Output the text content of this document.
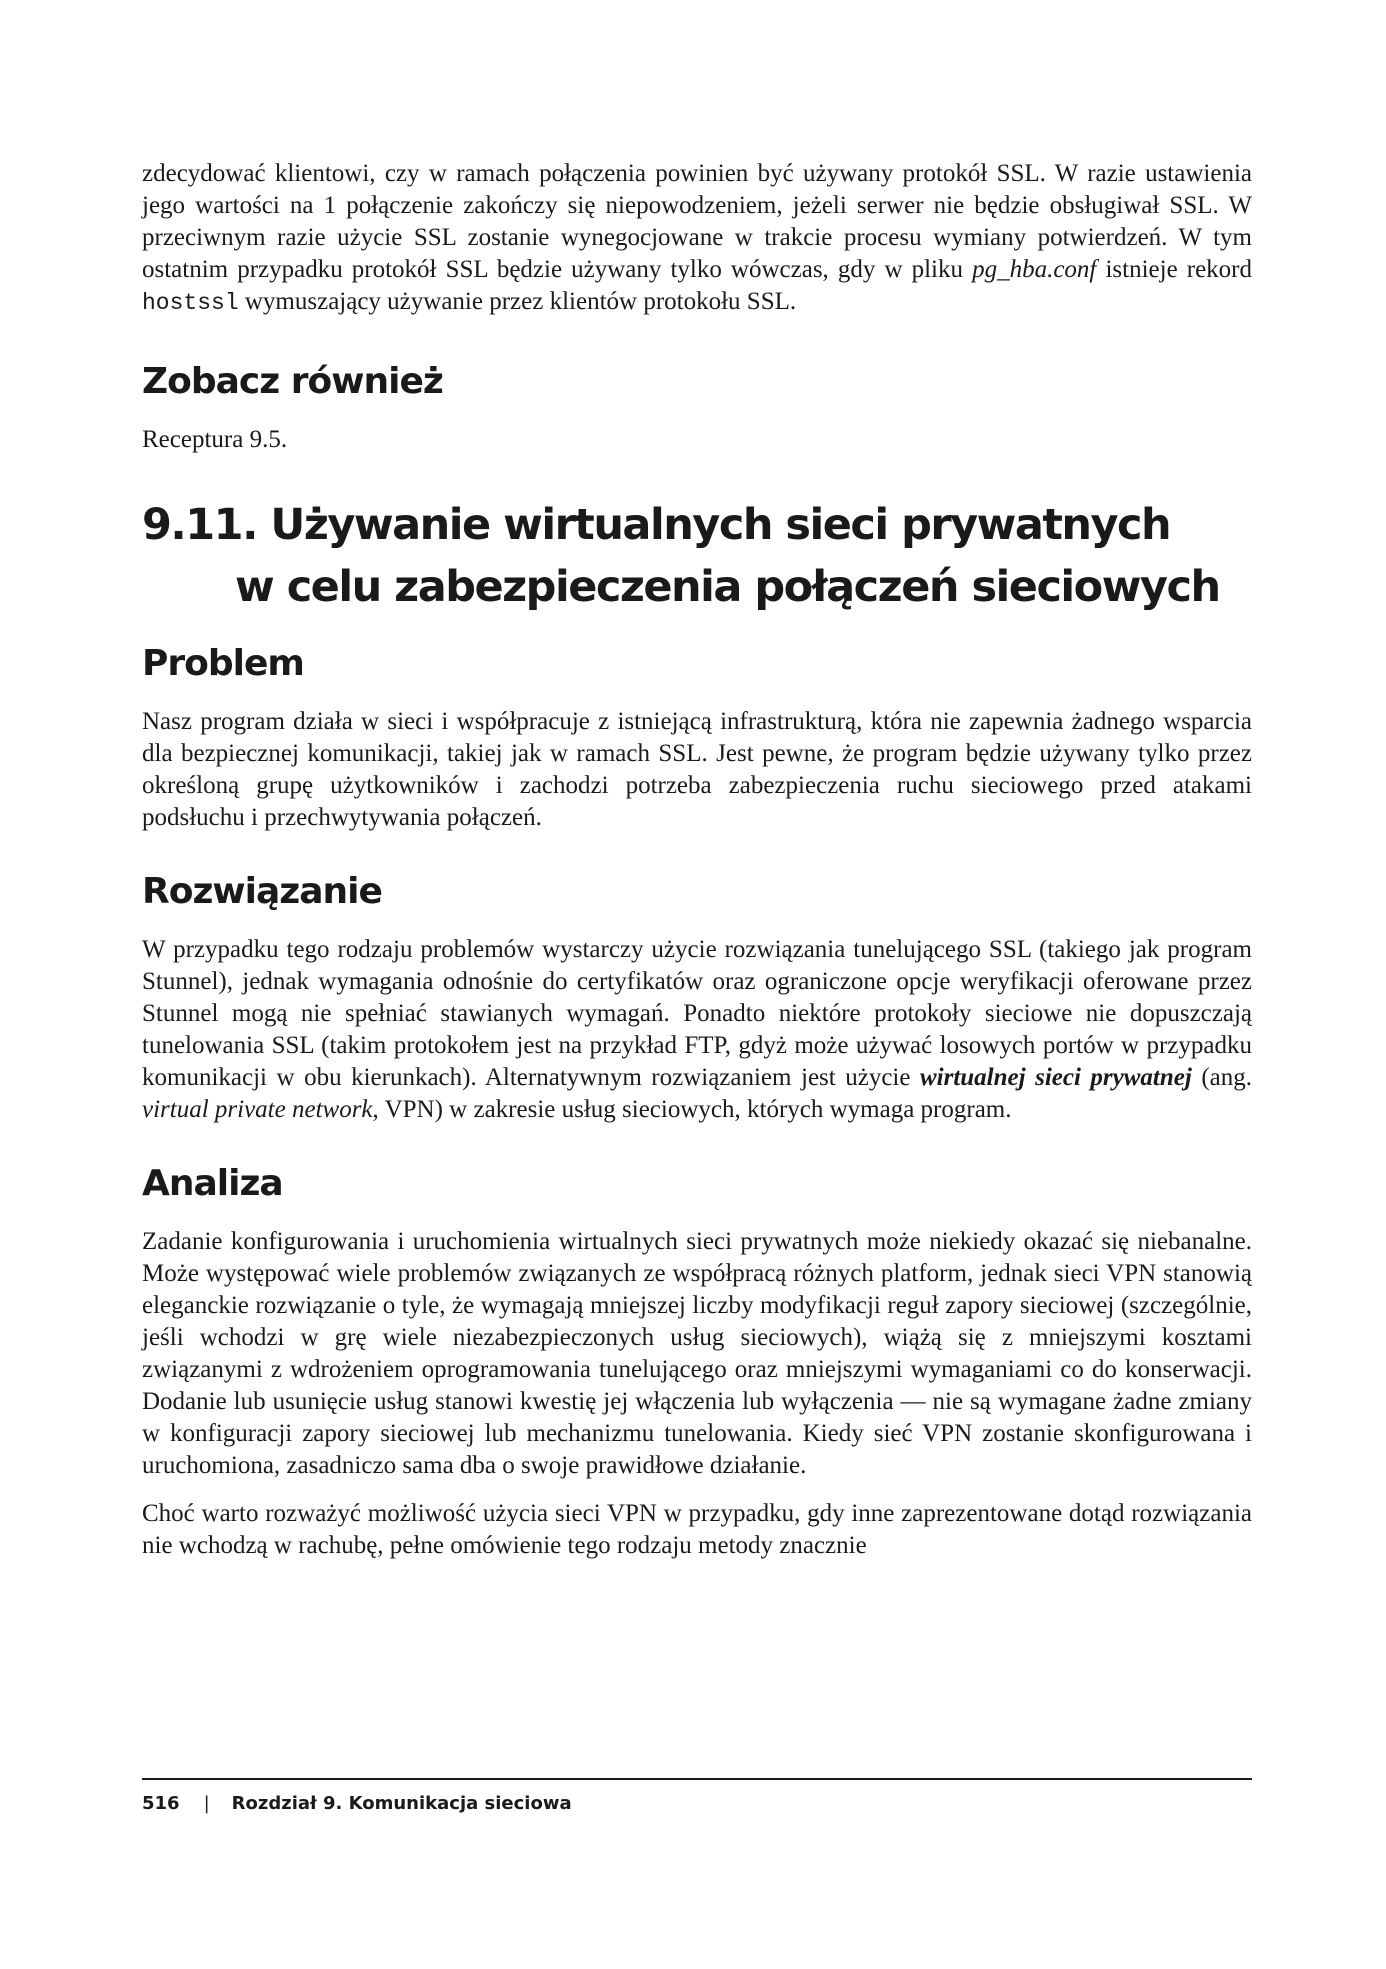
zdecydować klientowi, czy w ramach połączenia powinien być używany protokół SSL. W razie ustawienia jego wartości na 1 połączenie zakończy się niepowodzeniem, jeżeli serwer nie będzie obsługiwał SSL. W przeciwnym razie użycie SSL zostanie wynegocjowane w trakcie procesu wymiany potwierdzeń. W tym ostatnim przypadku protokół SSL będzie używany tylko wówczas, gdy w pliku pg_hba.conf istnieje rekord hostssl wymuszający używanie przez klientów protokołu SSL.

Zobacz również

Receptura 9.5.

9.11. Używanie wirtualnych sieci prywatnych
w celu zabezpieczenia połączeń sieciowych
Problem

Nasz program działa w sieci i współpracuje z istniejącą infrastrukturą, która nie zapewnia żadnego wsparcia dla bezpiecznej komunikacji, takiej jak w ramach SSL. Jest pewne, że program będzie używany tylko przez określoną grupę użytkowników i zachodzi potrzeba zabezpieczenia ruchu sieciowego przed atakami podsłuchu i przechwytywania połączeń.

Rozwiązanie

W przypadku tego rodzaju problemów wystarczy użycie rozwiązania tunelującego SSL (takiego jak program Stunnel), jednak wymagania odnośnie do certyfikatów oraz ograniczone opcje weryfikacji oferowane przez Stunnel mogą nie spełniać stawianych wymagań. Ponadto niektóre protokoły sieciowe nie dopuszczają tunelowania SSL (takim protokołem jest na przykład FTP, gdyż może używać losowych portów w przypadku komunikacji w obu kierunkach). Alternatywnym rozwiązaniem jest użycie wirtualnej sieci prywatnej (ang. virtual private network, VPN) w zakresie usług sieciowych, których wymaga program.

Analiza

Zadanie konfigurowania i uruchomienia wirtualnych sieci prywatnych może niekiedy okazać się niebanalne. Może występować wiele problemów związanych ze współpracą różnych platform, jednak sieci VPN stanowią eleganckie rozwiązanie o tyle, że wymagają mniejszej liczby modyfikacji reguł zapory sieciowej (szczególnie, jeśli wchodzi w grę wiele niezabezpieczonych usług sieciowych), wiążą się z mniejszymi kosztami związanymi z wdrożeniem oprogramowania tunelującego oraz mniejszymi wymaganiami co do konserwacji. Dodanie lub usunięcie usług stanowi kwestię jej włączenia lub wyłączenia — nie są wymagane żadne zmiany w konfiguracji zapory sieciowej lub mechanizmu tunelowania. Kiedy sieć VPN zostanie skonfigurowana i uruchomiona, zasadniczo sama dba o swoje prawidłowe działanie.

Choć warto rozważyć możliwość użycia sieci VPN w przypadku, gdy inne zaprezentowane dotąd rozwiązania nie wchodzą w rachubę, pełne omówienie tego rodzaju metody znacznie

516 | Rozdział 9. Komunikacja sieciowa
